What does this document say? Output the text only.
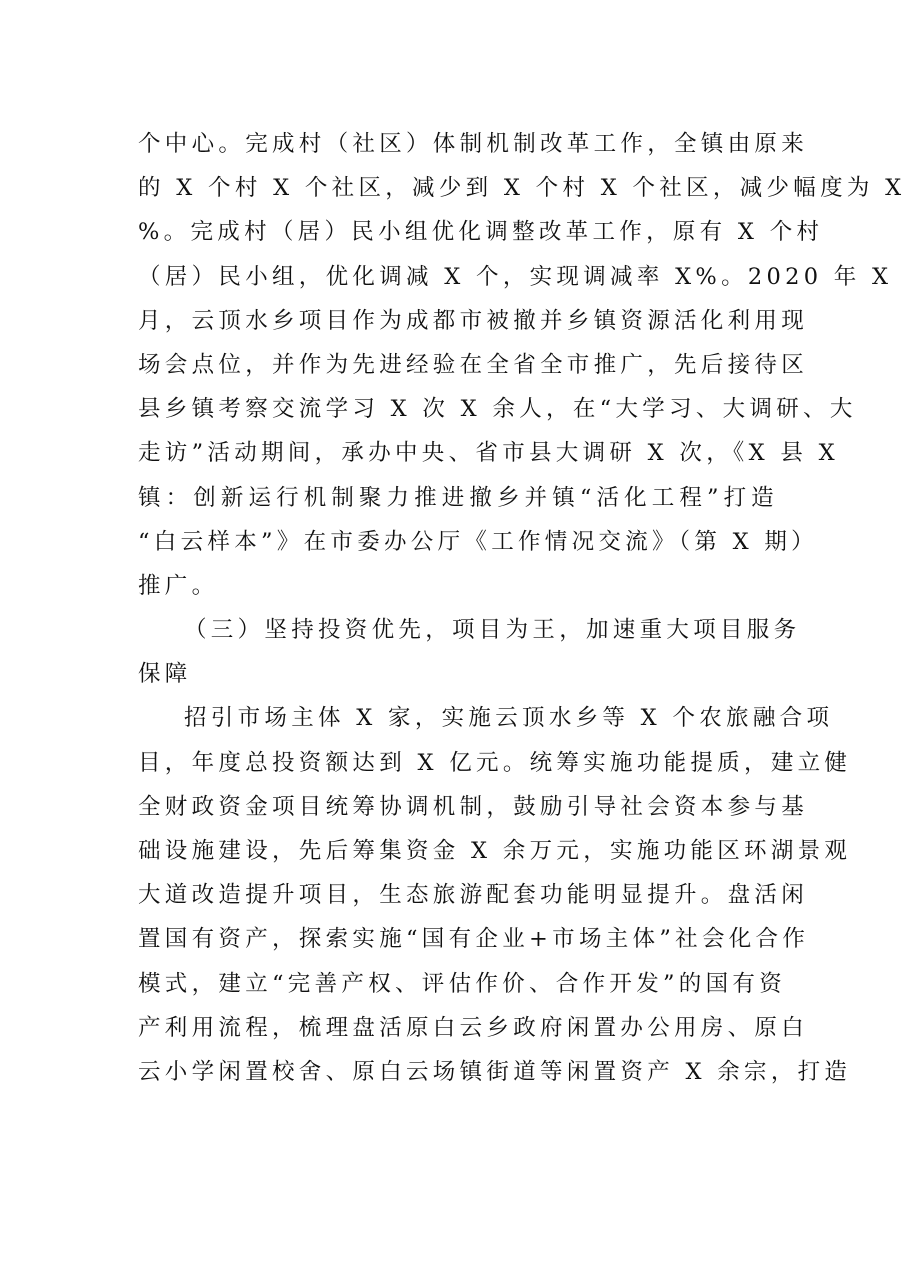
个中心。完成村（社区）体制机制改革工作，全镇由原来
的 X 个村 X 个社区，减少到 X 个村 X 个社区，减少幅度为 X
%。完成村（居）民小组优化调整改革工作，原有 X 个村
（居）民小组，优化调减 X 个，实现调减率 X%。2020 年 X
月，云顶水乡项目作为成都市被撤并乡镇资源活化利用现
场会点位，并作为先进经验在全省全市推广，先后接待区
县乡镇考察交流学习 X 次 X 余人，在“大学习、大调研、大
走访”活动期间，承办中央、省市县大调研 X 次，《X 县 X
镇：创新运行机制聚力推进撤乡并镇“活化工程”打造
“白云样本”》在市委办公厅《工作情况交流》（第 X 期）
推广。
（三）坚持投资优先，项目为王，加速重大项目服务
保障
招引市场主体 X 家，实施云顶水乡等 X 个农旅融合项
目，年度总投资额达到 X 亿元。统筹实施功能提质，建立健
全财政资金项目统筹协调机制，鼓励引导社会资本参与基
础设施建设，先后筹集资金 X 余万元，实施功能区环湖景观
大道改造提升项目，生态旅游配套功能明显提升。盘活闲
置国有资产，探索实施“国有企业+市场主体”社会化合作
模式，建立“完善产权、评估作价、合作开发”的国有资
产利用流程，梳理盘活原白云乡政府闲置办公用房、原白
云小学闲置校舍、原白云场镇街道等闲置资产 X 余宗，打造
